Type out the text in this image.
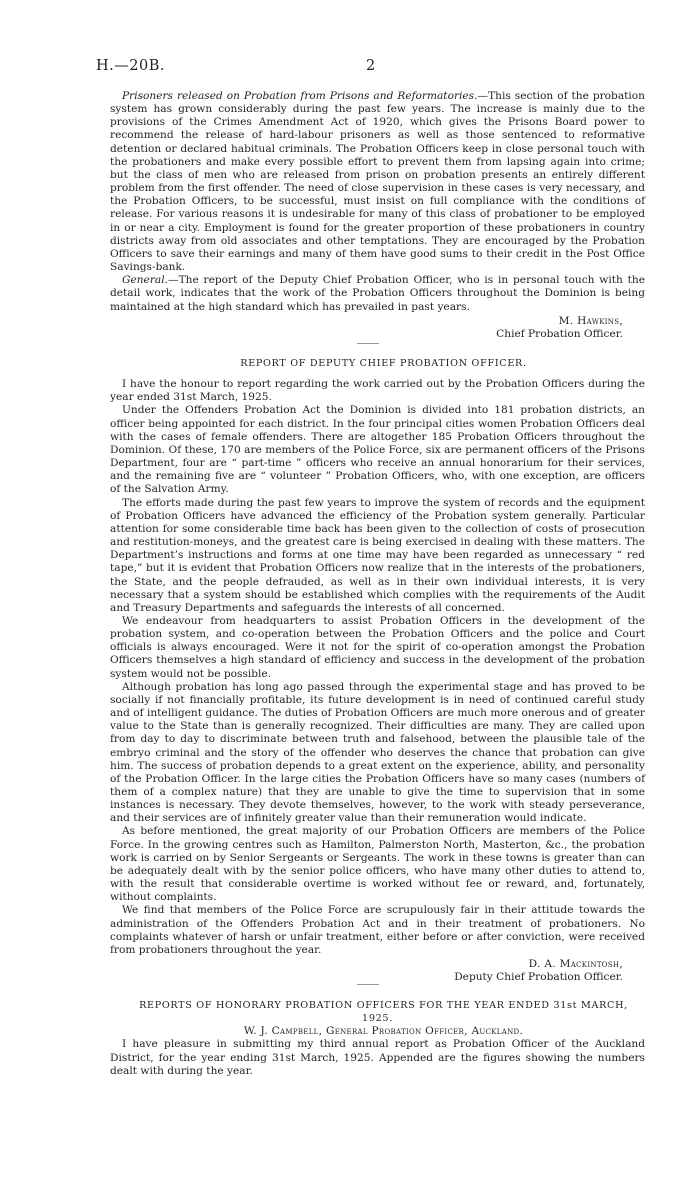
H.—20B.	2

Prisoners released on Probation from Prisons and Reformatories.—This section of the probation system has grown considerably during the past few years. The increase is mainly due to the provisions of the Crimes Amendment Act of 1920, which gives the Prisons Board power to recommend the release of hard-labour prisoners as well as those sentenced to reformative detention or declared habitual criminals. The Probation Officers keep in close personal touch with the probationers and make every possible effort to prevent them from lapsing again into crime; but the class of men who are released from prison on probation presents an entirely different problem from the first offender. The need of close supervision in these cases is very necessary, and the Probation Officers, to be successful, must insist on full compliance with the conditions of release. For various reasons it is undesirable for many of this class of probationer to be employed in or near a city. Employment is found for the greater proportion of these probationers in country districts away from old associates and other temptations. They are encouraged by the Probation Officers to save their earnings and many of them have good sums to their credit in the Post Office Savings-bank.

General.—The report of the Deputy Chief Probation Officer, who is in personal touch with the detail work, indicates that the work of the Probation Officers throughout the Dominion is being maintained at the high standard which has prevailed in past years.

M. Hawkins,

Chief Probation Officer.

REPORT OF DEPUTY CHIEF PROBATION OFFICER.

I have the honour to report regarding the work carried out by the Probation Officers during the year ended 31st March, 1925.

Under the Offenders Probation Act the Dominion is divided into 181 probation districts, an officer being appointed for each district. In the four principal cities women Probation Officers deal with the cases of female offenders. There are altogether 185 Probation Officers throughout the Dominion. Of these, 170 are members of the Police Force, six are permanent officers of the Prisons Department, four are “ part-time ” officers who receive an annual honorarium for their services, and the remaining five are “ volunteer ” Probation Officers, who, with one exception, are officers of the Salvation Army.

The efforts made during the past few years to improve the system of records and the equipment of Probation Officers have advanced the efficiency of the Probation system generally. Particular attention for some considerable time back has been given to the collection of costs of prosecution and restitution-moneys, and the greatest care is being exercised in dealing with these matters. The Department’s instructions and forms at one time may have been regarded as unnecessary “ red tape,” but it is evident that Probation Officers now realize that in the interests of the probationers, the State, and the people defrauded, as well as in their own individual interests, it is very necessary that a system should be established which complies with the requirements of the Audit and Treasury Departments and safeguards the interests of all concerned.

We endeavour from headquarters to assist Probation Officers in the development of the probation system, and co-operation between the Probation Officers and the police and Court officials is always encouraged. Were it not for the spirit of co-operation amongst the Probation Officers themselves a high standard of efficiency and success in the development of the probation system would not be possible.

Although probation has long ago passed through the experimental stage and has proved to be socially if not financially profitable, its future development is in need of continued careful study and of intelligent guidance. The duties of Probation Officers are much more onerous and of greater value to the State than is generally recognized. Their difficulties are many. They are called upon from day to day to discriminate between truth and falsehood, between the plausible tale of the embryo criminal and the story of the offender who deserves the chance that probation can give him. The success of probation depends to a great extent on the experience, ability, and personality of the Probation Officer. In the large cities the Probation Officers have so many cases (numbers of them of a complex nature) that they are unable to give the time to supervision that in some instances is necessary. They devote themselves, however, to the work with steady perseverance, and their services are of infinitely greater value than their remuneration would indicate.

As before mentioned, the great majority of our Probation Officers are members of the Police Force. In the growing centres such as Hamilton, Palmerston North, Masterton, &c., the probation work is carried on by Senior Sergeants or Sergeants. The work in these towns is greater than can be adequately dealt with by the senior police officers, who have many other duties to attend to, with the result that considerable overtime is worked without fee or reward, and, fortunately, without complaints.

We find that members of the Police Force are scrupulously fair in their attitude towards the administration of the Offenders Probation Act and in their treatment of probationers. No complaints whatever of harsh or unfair treatment, either before or after conviction, were received from probationers throughout the year.

D. A. Mackintosh,

Deputy Chief Probation Officer.

REPORTS OF HONORARY PROBATION OFFICERS FOR THE YEAR ENDED 31st MARCH, 1925.

W. J. Campbell, General Probation Officer, Auckland.

I have pleasure in submitting my third annual report as Probation Officer of the Auckland District, for the year ending 31st March, 1925. Appended are the figures showing the numbers dealt with during the year.
